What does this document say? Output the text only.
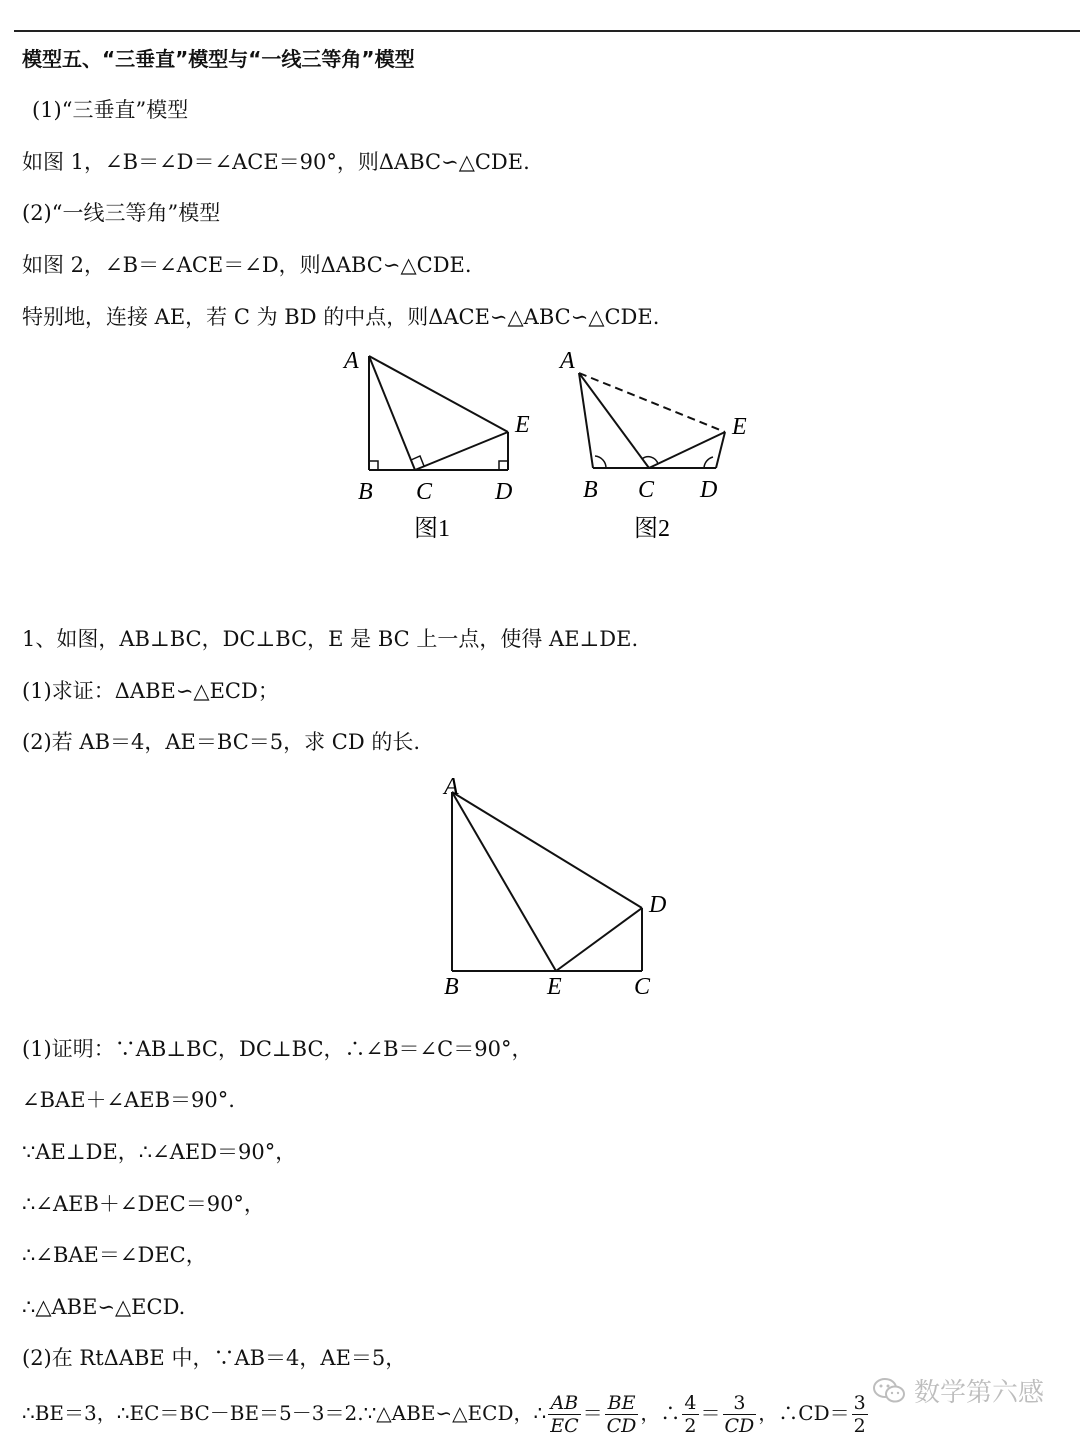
模型五、“三垂直”模型与“一线三等角”模型
(1)“三垂直”模型
如图 1，∠B＝∠D＝∠ACE＝90°，则ΔABC∽△CDE.
(2)“一线三等角”模型
如图 2，∠B＝∠ACE＝∠D，则ΔABC∽△CDE.
特别地，连接 AE，若 C 为 BD 的中点，则ΔACE∽△ABC∽△CDE.
A
B C	D
E
图1
A
B C D
E
图2
1、如图，AB⊥BC，DC⊥BC，E 是 BC 上一点，使得 AE⊥DE.
(1)求证：ΔABE∽△ECD；
(2)若 AB＝4，AE＝BC＝5，求 CD 的长.
A
B	E	C
D
(1)证明：∵AB⊥BC，DC⊥BC，∴∠B＝∠C＝90°，
∠BAE＋∠AEB＝90°.
∵AE⊥DE，∴∠AED＝90°，
∴∠AEB＋∠DEC＝90°，
∴∠BAE＝∠DEC，
∴△ABE∽△ECD.
(2)在 RtΔABE 中，∵AB＝4，AE＝5，
∴BE＝3，∴EC＝BC－BE＝5－3＝2.∵△ABE∽△ECD，∴ $\frac{AB}{EC} = \frac{BE}{CD}$ ，∴ $\frac{4}{2} = \frac{3}{CD}$ ，∴CD＝ $\frac{3}{2}$ 数学第六感
